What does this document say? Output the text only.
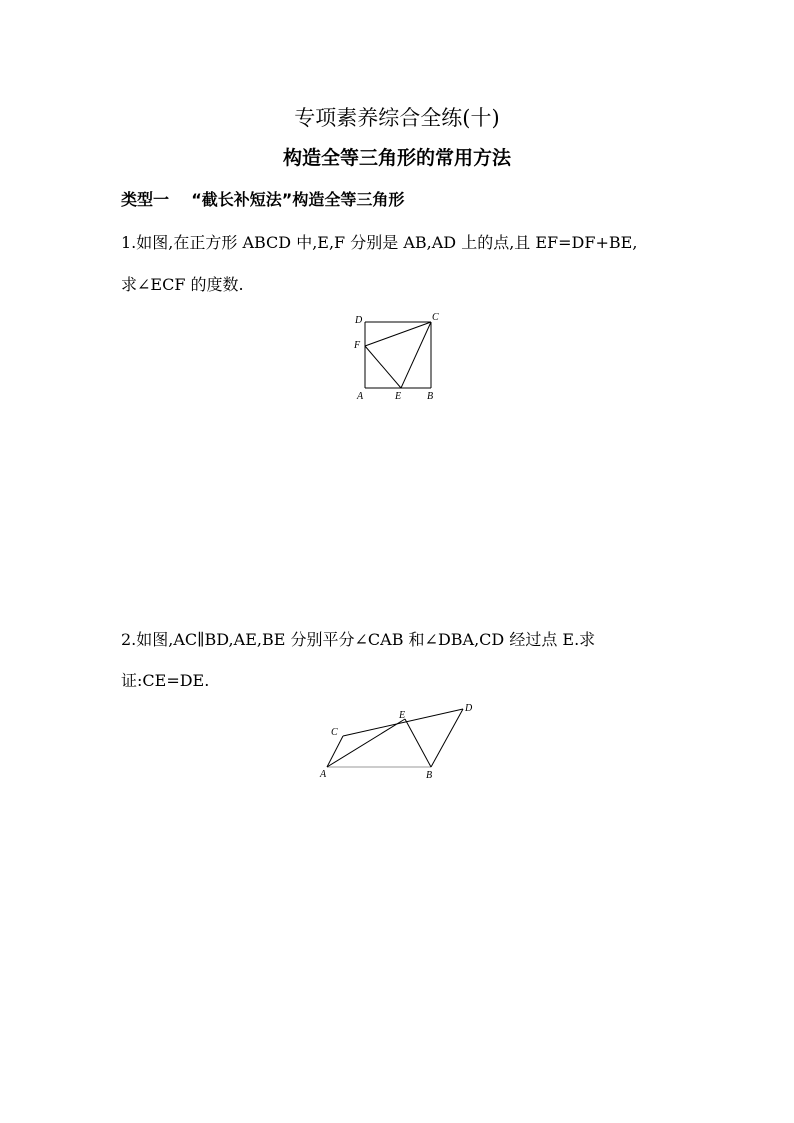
专项素养综合全练(十)
构造全等三角形的常用方法
类型一    “截长补短法”构造全等三角形
1.如图,在正方形 ABCD 中,E,F 分别是 AB,AD 上的点,且 EF=DF+BE,
求∠ECF 的度数.
D	C
F
A	E	B
2.如图,AC∥BD,AE,BE 分别平分∠CAB 和∠DBA,CD 经过点 E.求
证:CE=DE.
C
E
D
A	B
